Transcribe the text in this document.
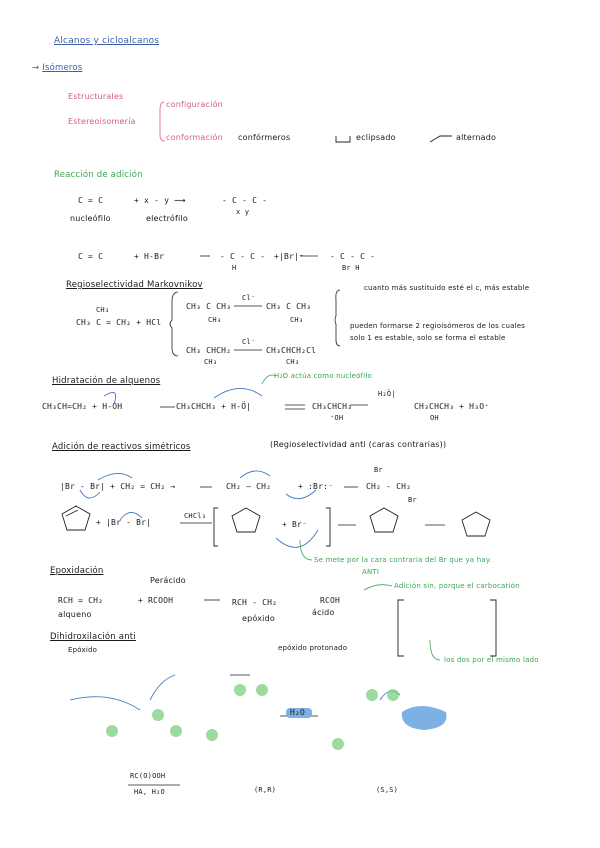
Alcanos y cicloalcanos
→ Isómeros
Estructurales
Estereoisomería
configuración
conformación confórmeros	eclipsado	alternado
Reacción de adición
C = C	+ x - y ⟿	- C - C -
x y
nucleófilo	electrófilo
C = C	+ H-Br	- C - C -
H
+|Br|⁻	- C - C -
Br H
Regioselectividad Markovnikov
CH₃
CH₃ C = CH₂ + HCl
CH₃ C CH₃
CH₃
Cl⁻
CH₃ C CH₃
CH₃
CH₃ CHCH₂
CH₃
Cl⁻
CH₃CHCH₂Cl
CH₃
cuanto más sustituido esté el c, más estable
pueden formarse 2 regioisómeros de los cuales
solo 1 es estable, solo se forma el estable
Hidratación de alquenos	H₂O actúa como nucleófilo
CH₃CH=CH₂ + H-OH	CH₃CHCH₃ + H-Ö|	CH₃CHCH₃
⁺OH
H₂Ö|
CH₃CHCH₃ + H₃O⁺
OH
Adición de reactivos simétricos	(Regioselectividad anti (caras contrarias))
|Br - Br| + CH₂ = CH₂ →	CH₂ — CH₂	+ :Br:⁻
Br
CH₂ - CH₂
Br
+ |Br - Br|
CHCl₃
+ Br⁻
Se mete por la cara contraria del Br que ya hay.
ANTI
Epoxidación
Perácido
RCH = CH₂	+ RCOOH
alqueno
RCH - CH₂
epóxido
RCOH
ácido
Adición sin, porque el carbocatión
los dos por el mismo lado
Dihidroxilación anti
Epóxido	epóxido protonado
H₂O
RC(O)OOH
HA, H₂O	(R,R)	(S,S)
